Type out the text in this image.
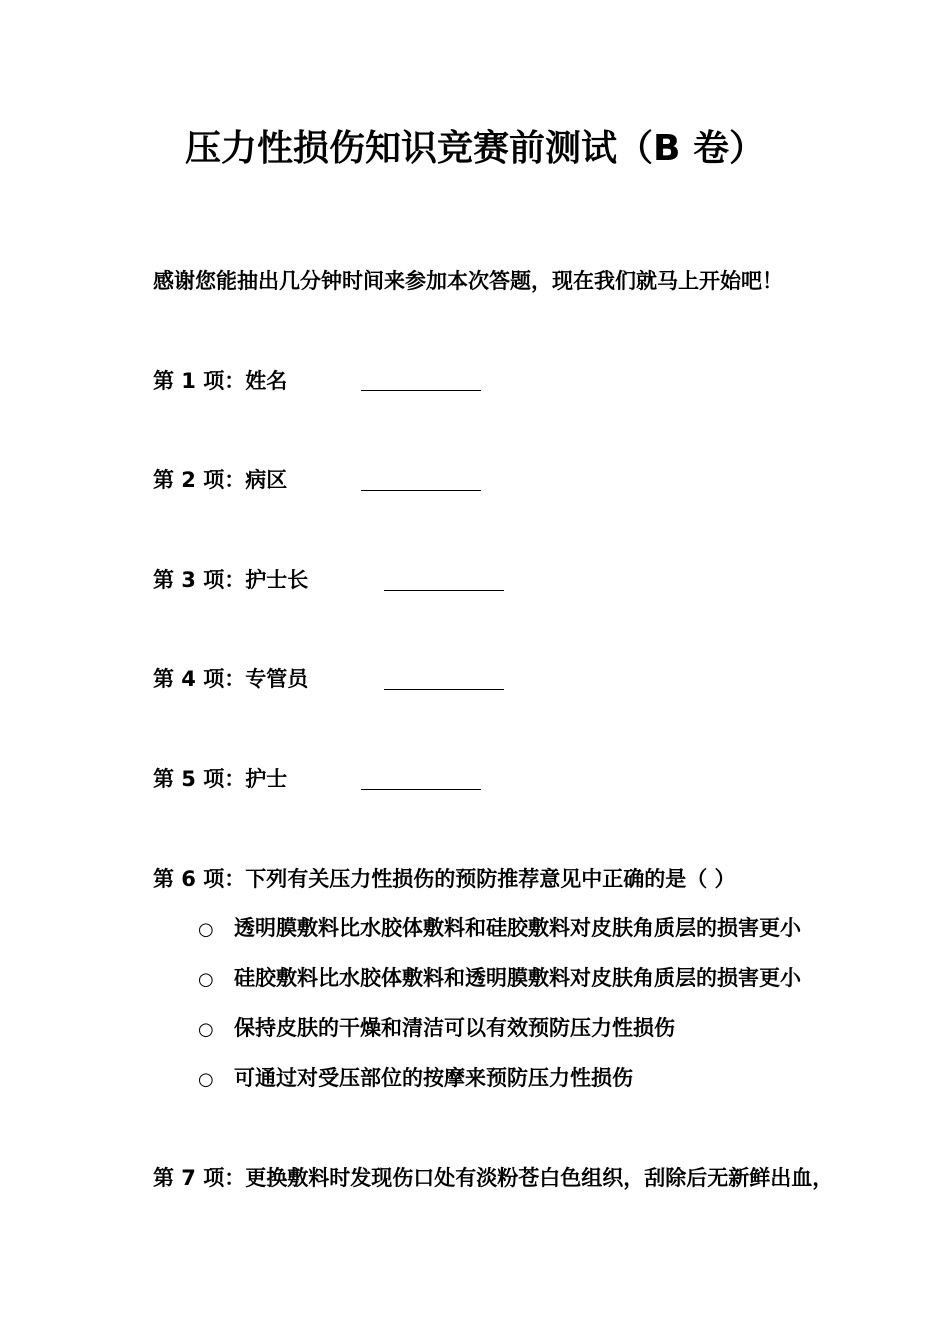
压力性损伤知识竞赛前测试（B 卷）
感谢您能抽出几分钟时间来参加本次答题，现在我们就马上开始吧！
第 1 项：姓名
第 2 项：病区
第 3 项：护士长
第 4 项：专管员
第 5 项：护士
第 6 项：下列有关压力性损伤的预防推荐意见中正确的是（ ）
○ 透明膜敷料比水胶体敷料和硅胶敷料对皮肤角质层的损害更小
○ 硅胶敷料比水胶体敷料和透明膜敷料对皮肤角质层的损害更小
○ 保持皮肤的干燥和清洁可以有效预防压力性损伤
○ 可通过对受压部位的按摩来预防压力性损伤
第 7 项：更换敷料时发现伤口处有淡粉苍白色组织，刮除后无新鲜出血，
